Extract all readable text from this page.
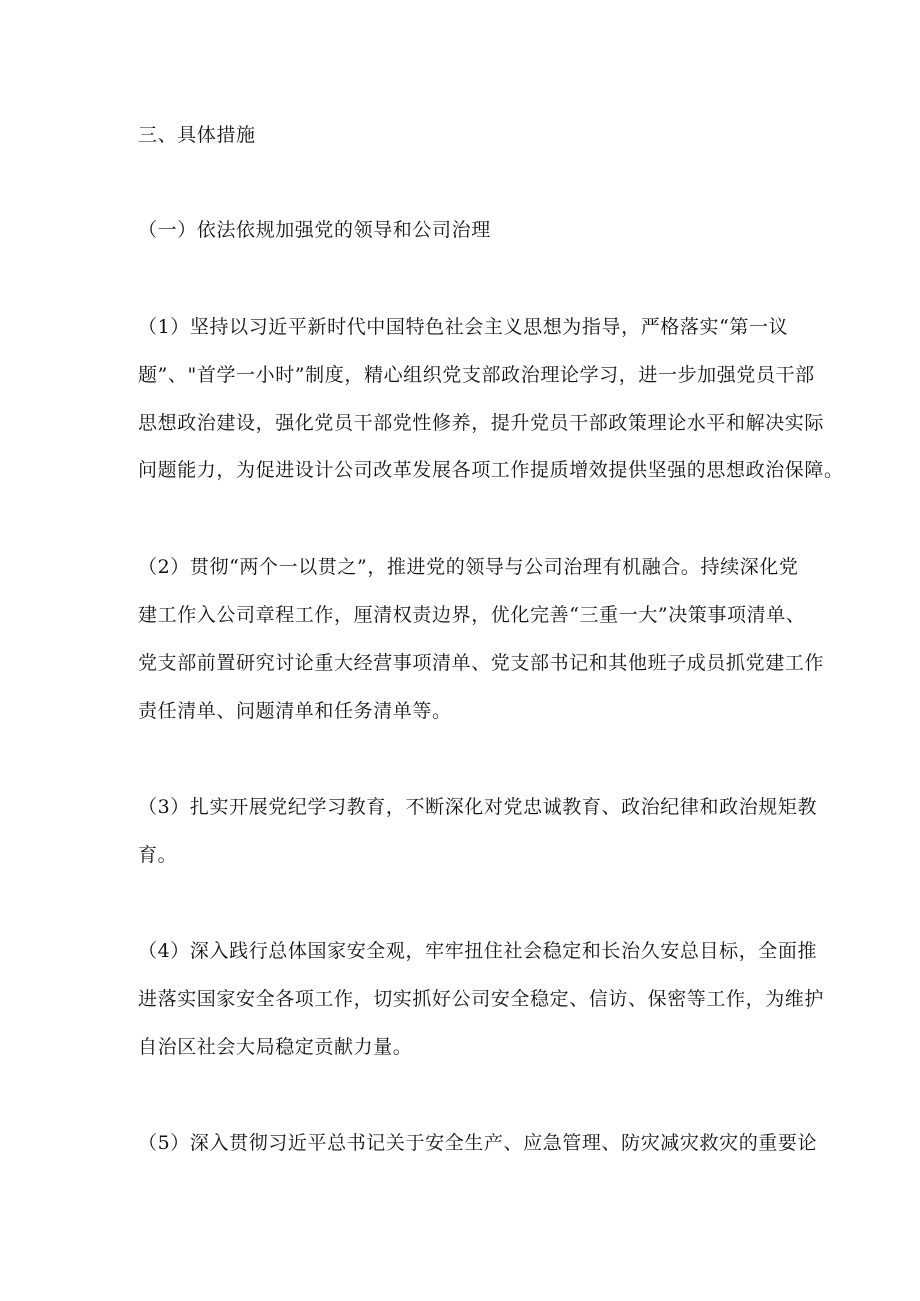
三、具体措施
（一）依法依规加强党的领导和公司治理
（1）坚持以习近平新时代中国特色社会主义思想为指导，严格落实“第一议
题”、"首学一小时”制度，精心组织党支部政治理论学习，进一步加强党员干部
思想政治建设，强化党员干部党性修养，提升党员干部政策理论水平和解决实际
问题能力，为促进设计公司改革发展各项工作提质增效提供坚强的思想政治保障。
（2）贯彻“两个一以贯之”，推进党的领导与公司治理有机融合。持续深化党
建工作入公司章程工作，厘清权责边界，优化完善“三重一大”决策事项清单、
党支部前置研究讨论重大经营事项清单、党支部书记和其他班子成员抓党建工作
责任清单、问题清单和任务清单等。
（3）扎实开展党纪学习教育，不断深化对党忠诚教育、政治纪律和政治规矩教
育。
（4）深入践行总体国家安全观，牢牢扭住社会稳定和长治久安总目标，全面推
进落实国家安全各项工作，切实抓好公司安全稳定、信访、保密等工作，为维护
自治区社会大局稳定贡献力量。
（5）深入贯彻习近平总书记关于安全生产、应急管理、防灾减灾救灾的重要论
